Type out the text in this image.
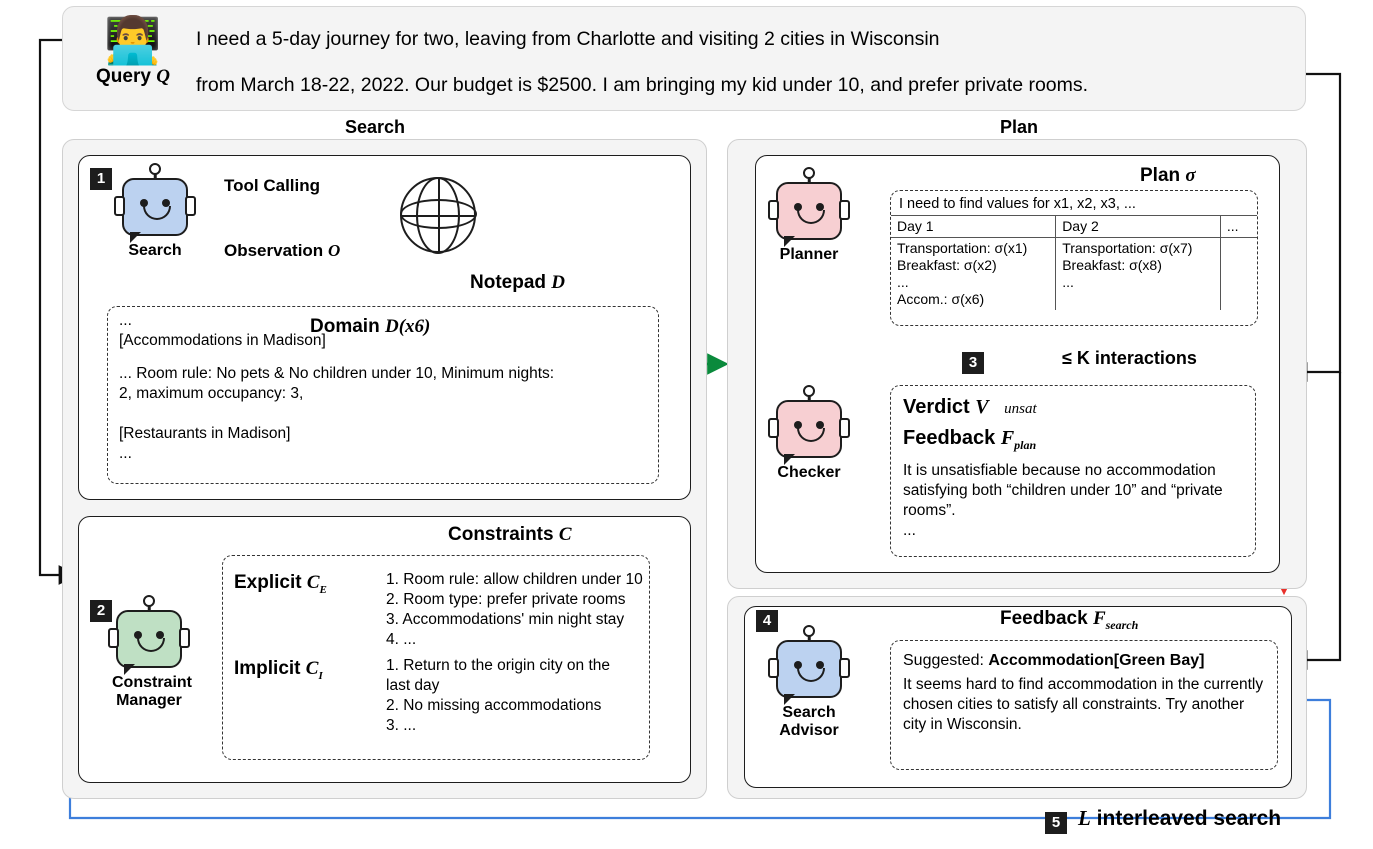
👨‍💻
Query Q
I need a 5-day journey for two, leaving from Charlotte and visiting 2 cities in Wisconsin
from March 18-22, 2022. Our budget is $2500. I am bringing my kid under 10, and prefer private rooms.
Search	Plan
1
Search
Tool Calling
Observation O
Notepad D
Domain D(x6)
...
[Accommodations in Madison]
... Room rule: No pets & No children under 10, Minimum nights:
2, maximum occupancy: 3,
[Restaurants in Madison]
...
2
Constraint
Manager
Constraints C
Explicit $C_E$
1. Room rule: allow children under 10
2. Room type: prefer private rooms
3. Accommodations' min night stay
4. ...
Implicit $C_I$
1. Return to the origin city on the last day
2. No missing accommodations
3. ...
Planner
Plan σ
I need to find values for x1, x2, x3, ...
Day 1	Day 2	...

Transportation: σ(x1)
Breakfast: σ(x2)
...
Accom.: σ(x6)

Transportation: σ(x7)
Breakfast: σ(x8)
...

3	≤ K interactions
Checker
Verdict V unsat
Feedback $F_{plan}$
It is unsatisfiable because no accommodation satisfying both “children under 10” and “private rooms”.
...
4
Search
Advisor
Feedback $F_{search}$
Suggested: Accommodation[Green Bay]
It seems hard to find accommodation in the currently chosen cities to satisfy all constraints. Try another city in Wisconsin.
5 L interleaved search
